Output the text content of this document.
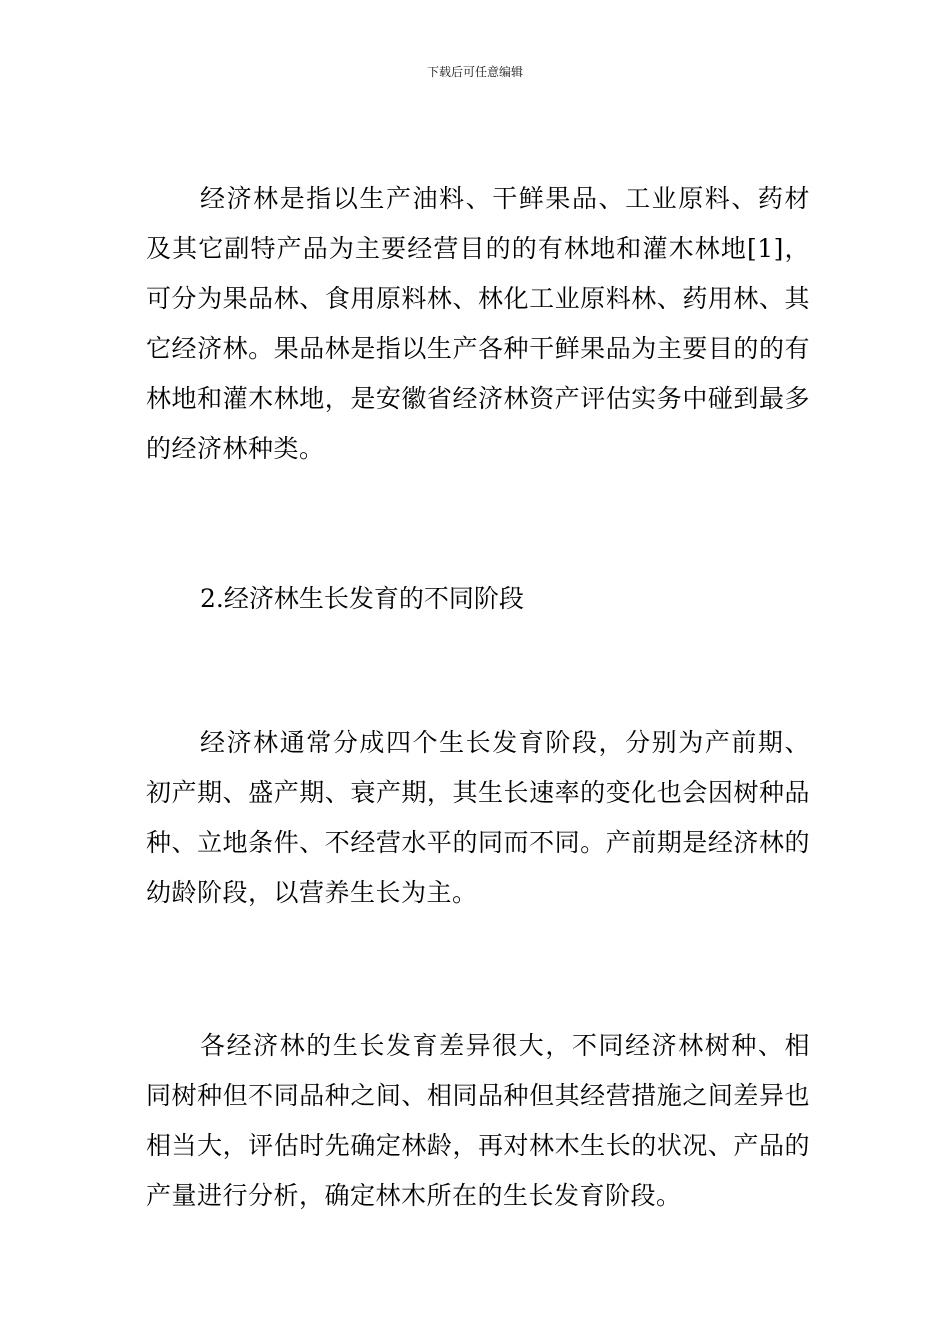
下载后可任意编辑

经济林是指以生产油料、干鲜果品、工业原料、药材及其它副特产品为主要经营目的的有林地和灌木林地[1]，可分为果品林、食用原料林、林化工业原料林、药用林、其它经济林。果品林是指以生产各种干鲜果品为主要目的的有林地和灌木林地，是安徽省经济林资产评估实务中碰到最多的经济林种类。

2.经济林生长发育的不同阶段

经济林通常分成四个生长发育阶段，分别为产前期、初产期、盛产期、衰产期，其生长速率的变化也会因树种品种、立地条件、不经营水平的同而不同。产前期是经济林的幼龄阶段，以营养生长为主。

各经济林的生长发育差异很大，不同经济林树种、相同树种但不同品种之间、相同品种但其经营措施之间差异也相当大，评估时先确定林龄，再对林木生长的状况、产品的产量进行分析，确定林木所在的生长发育阶段。
